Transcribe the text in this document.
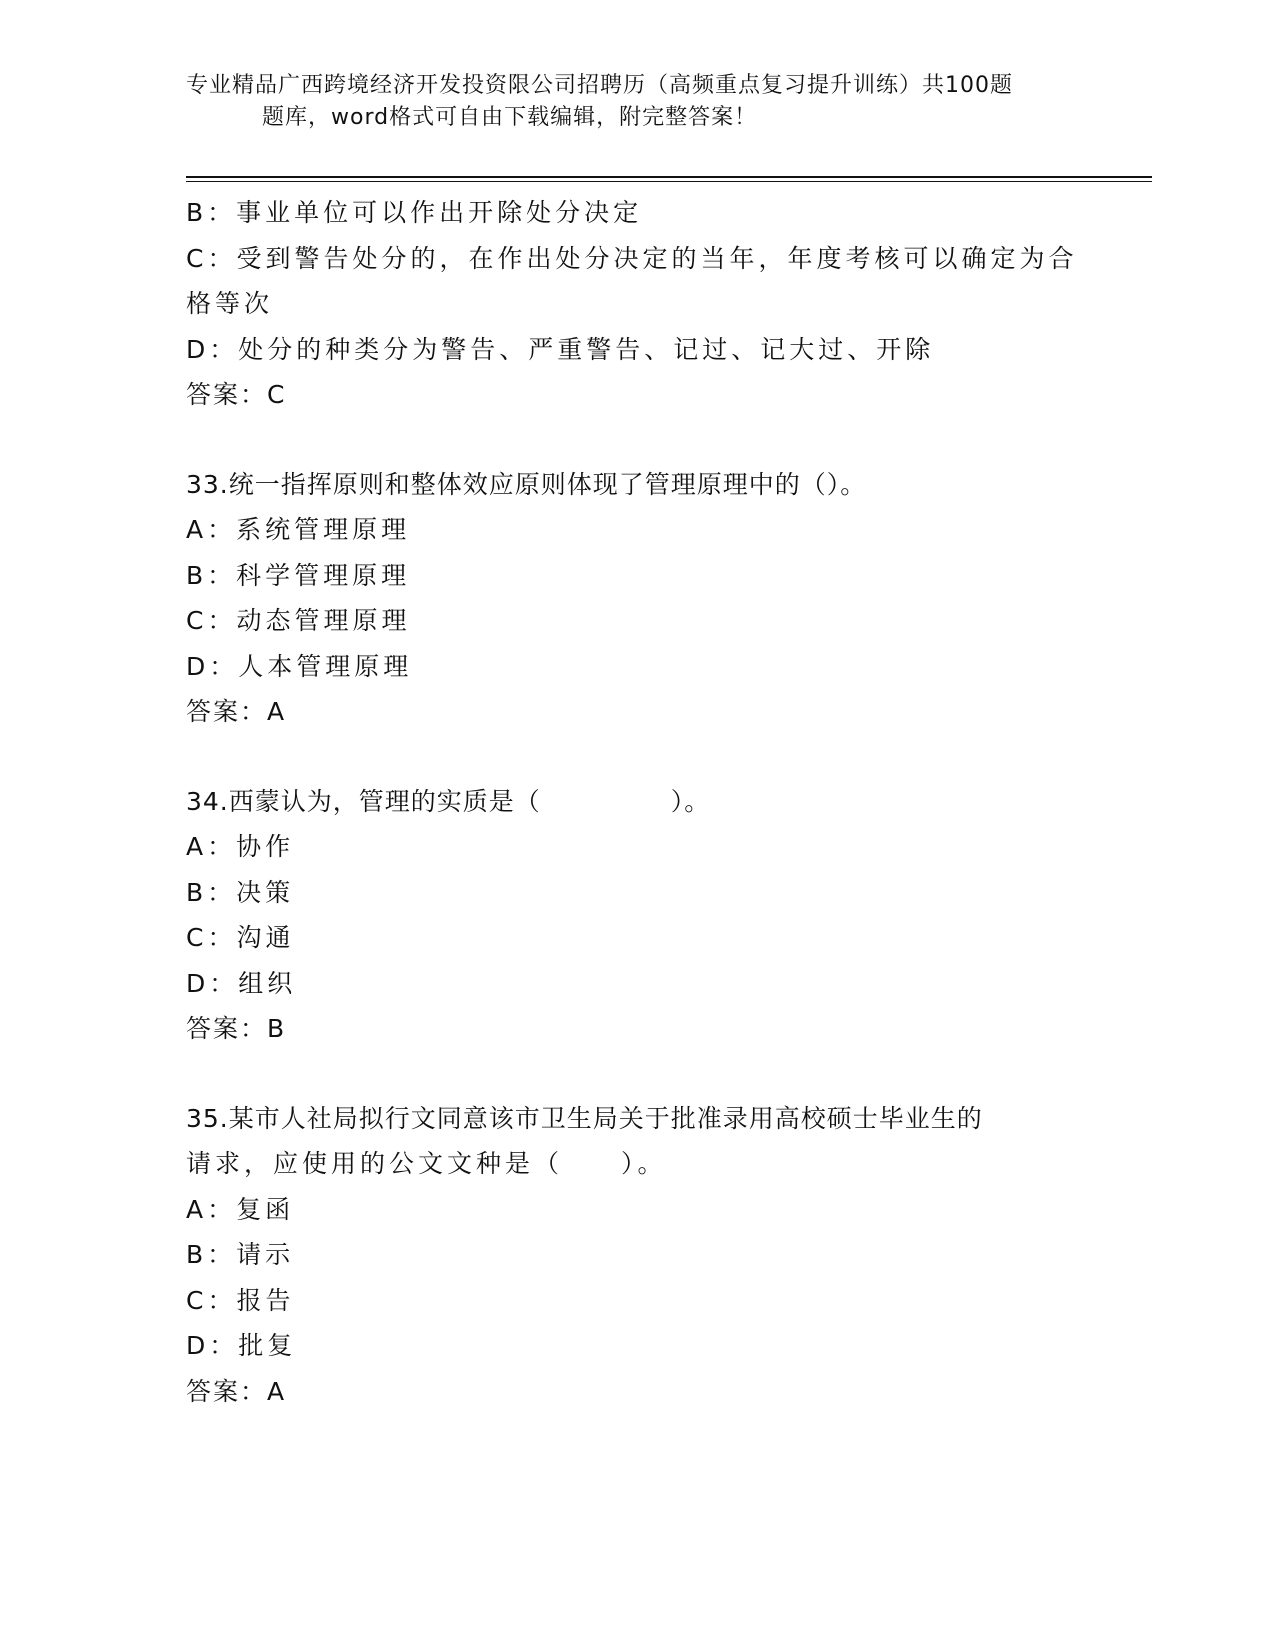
专业精品广西跨境经济开发投资限公司招聘历（高频重点复习提升训练）共100题
题库，word格式可自由下载编辑，附完整答案！
B：事业单位可以作出开除处分决定
C：受到警告处分的，在作出处分决定的当年，年度考核可以确定为合
格等次
D：处分的种类分为警告、严重警告、记过、记大过、开除
答案：C
33.统一指挥原则和整体效应原则体现了管理原理中的（）。
A：系统管理原理
B：科学管理原理
C：动态管理原理
D：人本管理原理
答案：A
34.西蒙认为，管理的实质是（　　　　　）。
A：协作
B：决策
C：沟通
D：组织
答案：B
35.某市人社局拟行文同意该市卫生局关于批准录用高校硕士毕业生的
请求，应使用的公文文种是（　　）。
A：复函
B：请示
C：报告
D：批复
答案：A
